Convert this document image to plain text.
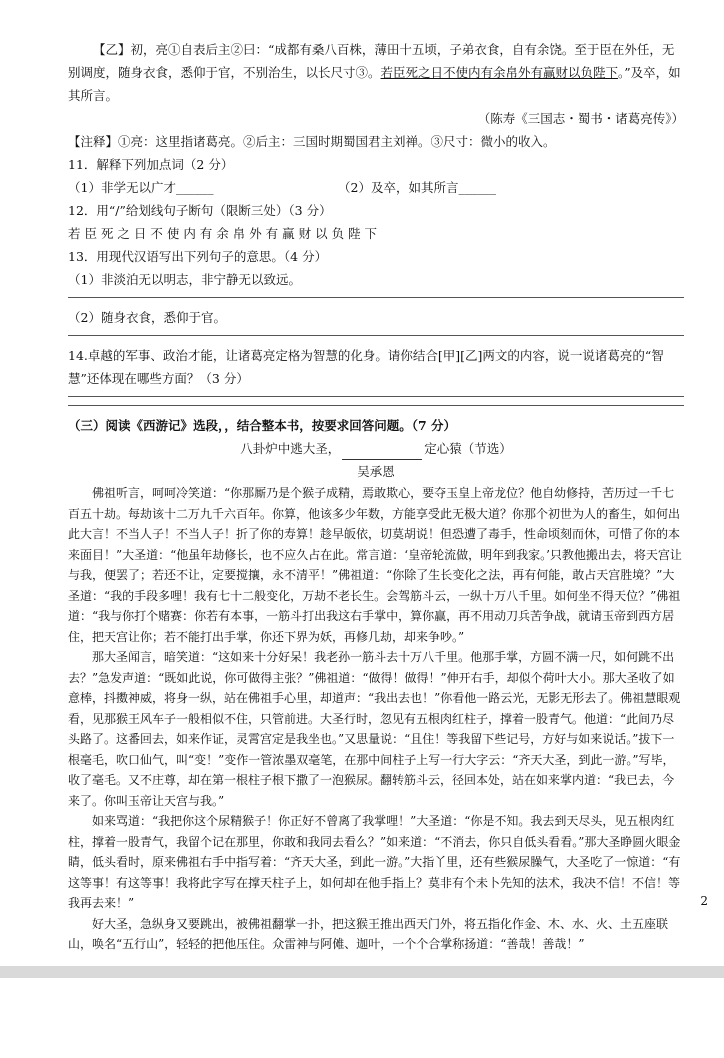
【乙】初，亮①自表后主②曰：“成都有桑八百株，薄田十五顷，子弟衣食，自有余饶。至于臣在外任，无别调度，随身衣食，悉仰于官，不别治生，以长尺寸③。若臣死之日不使内有余帛外有赢财以负陛下。”及卒，如其所言。

（陈寿《三国志・蜀书・诸葛亮传》）

【注释】①亮：这里指诸葛亮。②后主：三国时期蜀国君主刘禅。③尺寸：微小的收入。

11．解释下列加点词（2 分）

（1）非学无以广才______	（2）及卒，如其所言______

12．用“/”给划线句子断句（限断三处）（3 分）

若 臣 死 之 日 不 使 内 有 余 帛 外 有 赢 财 以 负 陛 下

13．用现代汉语写出下列句子的意思。（4 分）

（1）非淡泊无以明志，非宁静无以致远。

（2）随身衣食，悉仰于官。

14.卓越的军事、政治才能，让诸葛亮定格为智慧的化身。请你结合[甲][乙]两文的内容，说一说诸葛亮的“智慧”还体现在哪些方面？（3 分）

（三）阅读《西游记》选段，，结合整本书，按要求回答问题。（7 分）

八卦炉中逃大圣，	定心猿（节选）

吴承恩

佛祖听言，呵呵冷笑道：“你那厮乃是个猴子成精，焉敢欺心，要夺玉皇上帝龙位？他自幼修持，苦历过一千七百五十劫。每劫该十二万九千六百年。你算，他该多少年数，方能享受此无极大道？你那个初世为人的畜生，如何出此大言！不当人子！不当人子！折了你的寿算！趁早皈依，切莫胡说！但恐遭了毒手，性命顷刻而休，可惜了你的本来面目！”大圣道：“他虽年劫修长，也不应久占在此。常言道：‘皇帝轮流做，明年到我家。’只教他搬出去，将天宫让与我，便罢了；若还不让，定要搅攘，永不清平！”佛祖道：“你除了生长变化之法，再有何能，敢占天宫胜境？”大圣道：“我的手段多哩！我有七十二般变化，万劫不老长生。会驾筋斗云，一纵十万八千里。如何坐不得天位？”佛祖道：“我与你打个赌赛：你若有本事，一筋斗打出我这右手掌中，算你赢，再不用动刀兵苦争战，就请玉帝到西方居住，把天宫让你；若不能打出手掌，你还下界为妖，再修几劫，却来争吵。”

那大圣闻言，暗笑道：“这如来十分好呆！我老孙一筋斗去十万八千里。他那手掌，方圆不满一尺，如何跳不出去？”急发声道：“既如此说，你可做得主张？”佛祖道：“做得！做得！”伸开右手，却似个荷叶大小。那大圣收了如意棒，抖擞神威，将身一纵，站在佛祖手心里，却道声：“我出去也！”你看他一路云光，无影无形去了。佛祖慧眼观看，见那猴王风车子一般相似不住，只管前进。大圣行时，忽见有五根肉红柱子，撑着一股青气。他道：“此间乃尽头路了。这番回去，如来作证，灵霄宫定是我坐也。”又思量说：“且住！等我留下些记号，方好与如来说话。”拔下一根毫毛，吹口仙气，叫“变！”变作一管浓墨双毫笔，在那中间柱子上写一行大字云：“齐天大圣，到此一游。”写毕，收了毫毛。又不庄尊，却在第一根柱子根下撒了一泡猴尿。翻转筋斗云，径回本处，站在如来掌内道：“我已去，今来了。你叫玉帝让天宫与我。”

如来骂道：“我把你这个尿精猴子！你正好不曾离了我掌哩！”大圣道：“你是不知。我去到天尽头，见五根肉红柱，撑着一股青气，我留个记在那里，你敢和我同去看么？”如来道：“不消去，你只自低头看看。”那大圣睁圆火眼金睛，低头看时，原来佛祖右手中指写着：“齐天大圣，到此一游。”大指丫里，还有些猴尿臊气，大圣吃了一惊道：“有这等事！有这等事！我将此字写在撑天柱子上，如何却在他手指上？莫非有个未卜先知的法术，我决不信！不信！等我再去来！”

好大圣，急纵身又要跳出，被佛祖翻掌一扑，把这猴王推出西天门外，将五指化作金、木、水、火、土五座联山，唤名“五行山”，轻轻的把他压住。众雷神与阿傩、迦叶，一个个合掌称扬道：“善哉！善哉！”

2
